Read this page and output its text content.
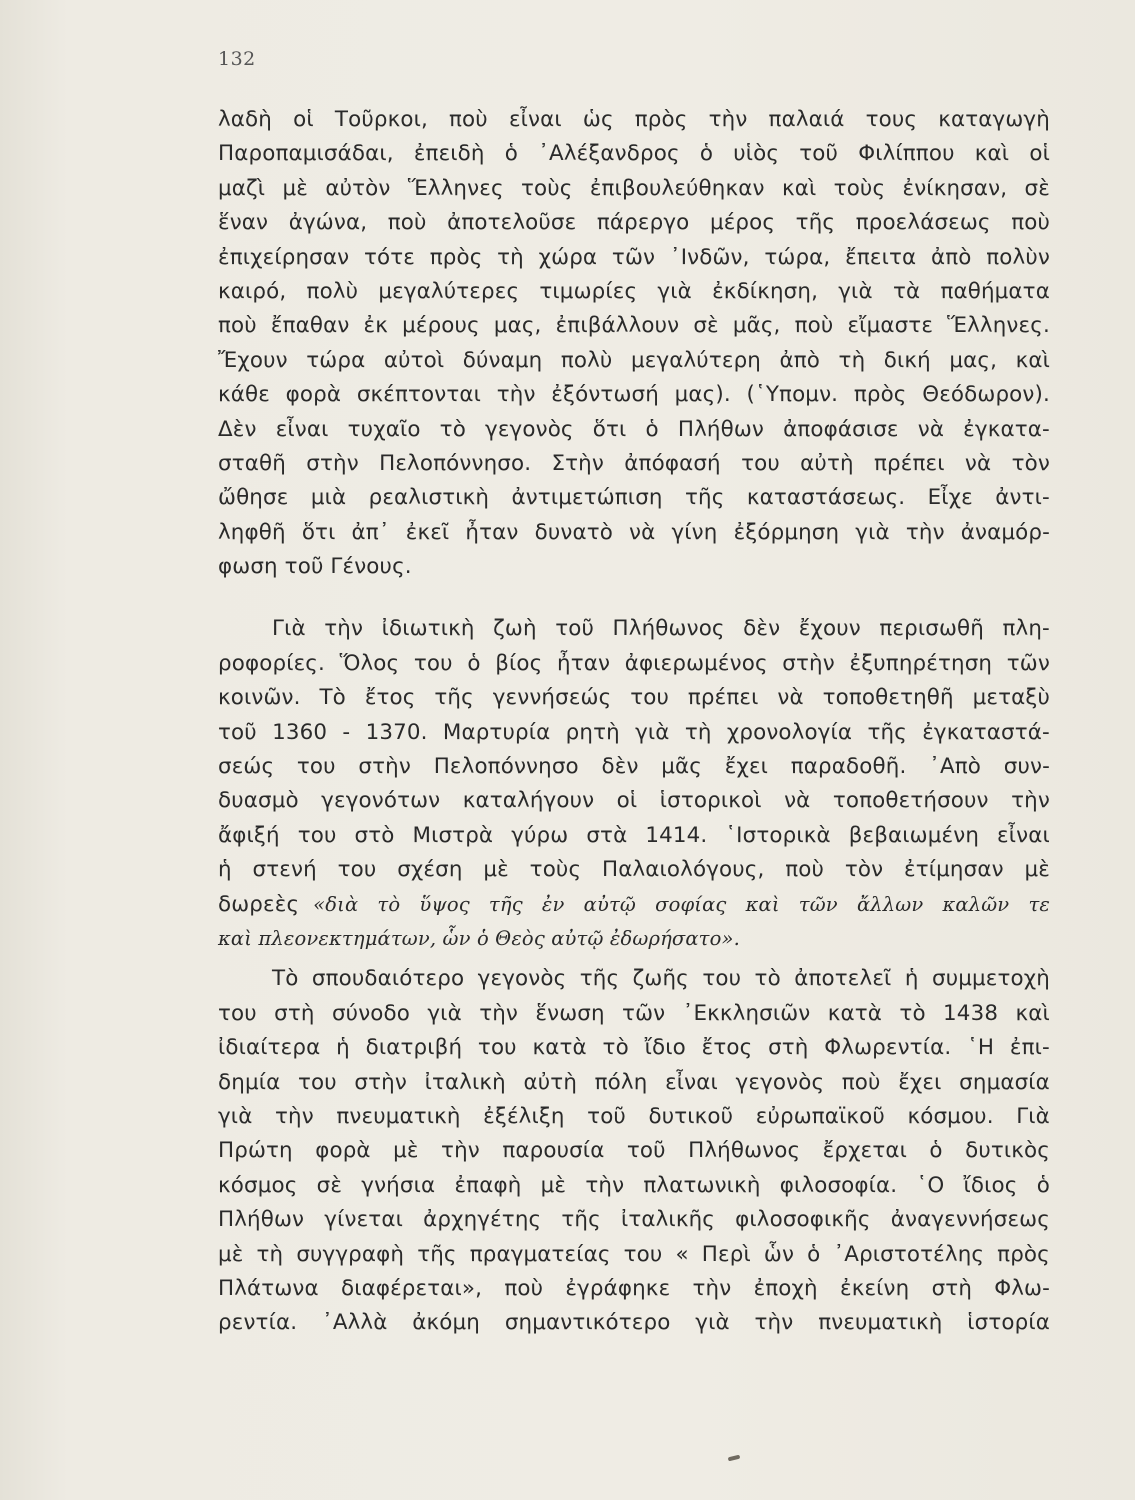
132
λαδὴ οἱ Τοῦρκοι, ποὺ εἶναι ὡς πρὸς τὴν παλαιά τους καταγωγὴ
Παροπαμισάδαι, ἐπειδὴ ὁ ᾿Αλέξανδρος ὁ υἱὸς τοῦ Φιλίππου καὶ οἱ
μαζὶ μὲ αὐτὸν Ἕλληνες τοὺς ἐπιβουλεύθηκαν καὶ τοὺς ἐνίκησαν, σὲ
ἕναν ἀγώνα, ποὺ ἀποτελοῦσε πάρεργο μέρος τῆς προελάσεως ποὺ
ἐπιχείρησαν τότε πρὸς τὴ χώρα τῶν ᾿Ινδῶν, τώρα, ἔπειτα ἀπὸ πολὺν
καιρό, πολὺ μεγαλύτερες τιμωρίες γιὰ ἐκδίκηση, γιὰ τὰ παθήματα
ποὺ ἔπαθαν ἐκ μέρους μας, ἐπιβάλλουν σὲ μᾶς, ποὺ εἴμαστε Ἕλληνες.
Ἔχουν τώρα αὐτοὶ δύναμη πολὺ μεγαλύτερη ἀπὸ τὴ δική μας, καὶ
κάθε φορὰ σκέπτονται τὴν ἐξόντωσή μας). (῾Υπομν. πρὸς Θεόδωρον).
Δὲν εἶναι τυχαῖο τὸ γεγονὸς ὅτι ὁ Πλήθων ἀποφάσισε νὰ ἐγκατα-
σταθῆ στὴν Πελοπόννησο. Στὴν ἀπόφασή του αὐτὴ πρέπει νὰ τὸν
ὤθησε μιὰ ρεαλιστικὴ ἀντιμετώπιση τῆς καταστάσεως. Εἶχε ἀντι-
ληφθῆ ὅτι ἀπ᾿ ἐκεῖ ἦταν δυνατὸ νὰ γίνη ἐξόρμηση γιὰ τὴν ἀναμόρ-
φωση τοῦ Γένους.
Γιὰ τὴν ἰδιωτικὴ ζωὴ τοῦ Πλήθωνος δὲν ἔχουν περισωθῆ πλη-
ροφορίες. Ὅλος του ὁ βίος ἦταν ἀφιερωμένος στὴν ἐξυπηρέτηση τῶν
κοινῶν. Τὸ ἔτος τῆς γεννήσεώς του πρέπει νὰ τοποθετηθῆ μεταξὺ
τοῦ 1360 - 1370. Μαρτυρία ρητὴ γιὰ τὴ χρονολογία τῆς ἐγκαταστά-
σεώς του στὴν Πελοπόννησο δὲν μᾶς ἔχει παραδοθῆ. ᾿Απὸ συν-
δυασμὸ γεγονότων καταλήγουν οἱ ἱστορικοὶ νὰ τοποθετήσουν τὴν
ἄφιξή του στὸ Μιστρὰ γύρω στὰ 1414. ῾Ιστορικὰ βεβαιωμένη εἶναι
ἡ στενή του σχέση μὲ τοὺς Παλαιολόγους, ποὺ τὸν ἐτίμησαν μὲ
δωρεὲς «διὰ τὸ ὕψος τῆς ἐν αὐτῷ σοφίας καὶ τῶν ἄλλων καλῶν τε
καὶ πλεονεκτημάτων, ὧν ὁ Θεὸς αὐτῷ ἐδωρήσατο».
Τὸ σπουδαιότερο γεγονὸς τῆς ζωῆς του τὸ ἀποτελεῖ ἡ συμμετοχὴ
του στὴ σύνοδο γιὰ τὴν ἕνωση τῶν ᾿Εκκλησιῶν κατὰ τὸ 1438 καὶ
ἰδιαίτερα ἡ διατριβή του κατὰ τὸ ἴδιο ἔτος στὴ Φλωρεντία. ῾Η ἐπι-
δημία του στὴν ἰταλικὴ αὐτὴ πόλη εἶναι γεγονὸς ποὺ ἔχει σημασία
γιὰ τὴν πνευματικὴ ἐξέλιξη τοῦ δυτικοῦ εὐρωπαϊκοῦ κόσμου. Γιὰ
Πρώτη φορὰ μὲ τὴν παρουσία τοῦ Πλήθωνος ἔρχεται ὁ δυτικὸς
κόσμος σὲ γνήσια ἐπαφὴ μὲ τὴν πλατωνικὴ φιλοσοφία. ῾Ο ἴδιος ὁ
Πλήθων γίνεται ἀρχηγέτης τῆς ἰταλικῆς φιλοσοφικῆς ἀναγεννήσεως
μὲ τὴ συγγραφὴ τῆς πραγματείας του « Περὶ ὧν ὁ ᾿Αριστοτέλης πρὸς
Πλάτωνα διαφέρεται», ποὺ ἐγράφηκε τὴν ἐποχὴ ἐκείνη στὴ Φλω-
ρεντία. ᾿Αλλὰ ἀκόμη σημαντικότερο γιὰ τὴν πνευματικὴ ἱστορία
